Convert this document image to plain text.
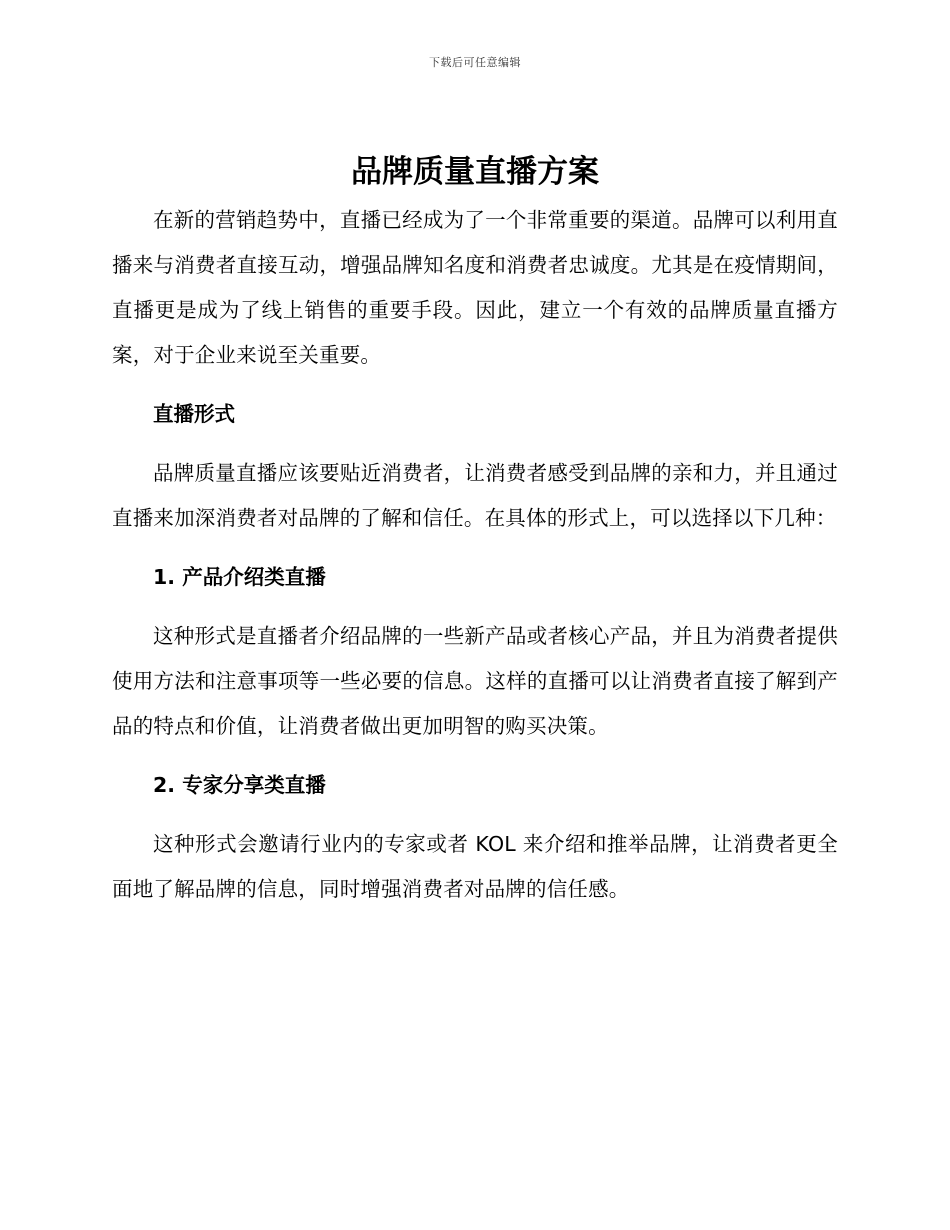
下载后可任意编辑
品牌质量直播方案

在新的营销趋势中，直播已经成为了一个非常重要的渠道。品牌可以利用直播来与消费者直接互动，增强品牌知名度和消费者忠诚度。尤其是在疫情期间，直播更是成为了线上销售的重要手段。因此，建立一个有效的品牌质量直播方案，对于企业来说至关重要。

直播形式

品牌质量直播应该要贴近消费者，让消费者感受到品牌的亲和力，并且通过直播来加深消费者对品牌的了解和信任。在具体的形式上，可以选择以下几种：

1. 产品介绍类直播

这种形式是直播者介绍品牌的一些新产品或者核心产品，并且为消费者提供使用方法和注意事项等一些必要的信息。这样的直播可以让消费者直接了解到产品的特点和价值，让消费者做出更加明智的购买决策。

2. 专家分享类直播

这种形式会邀请行业内的专家或者 KOL 来介绍和推举品牌，让消费者更全面地了解品牌的信息，同时增强消费者对品牌的信任感。
